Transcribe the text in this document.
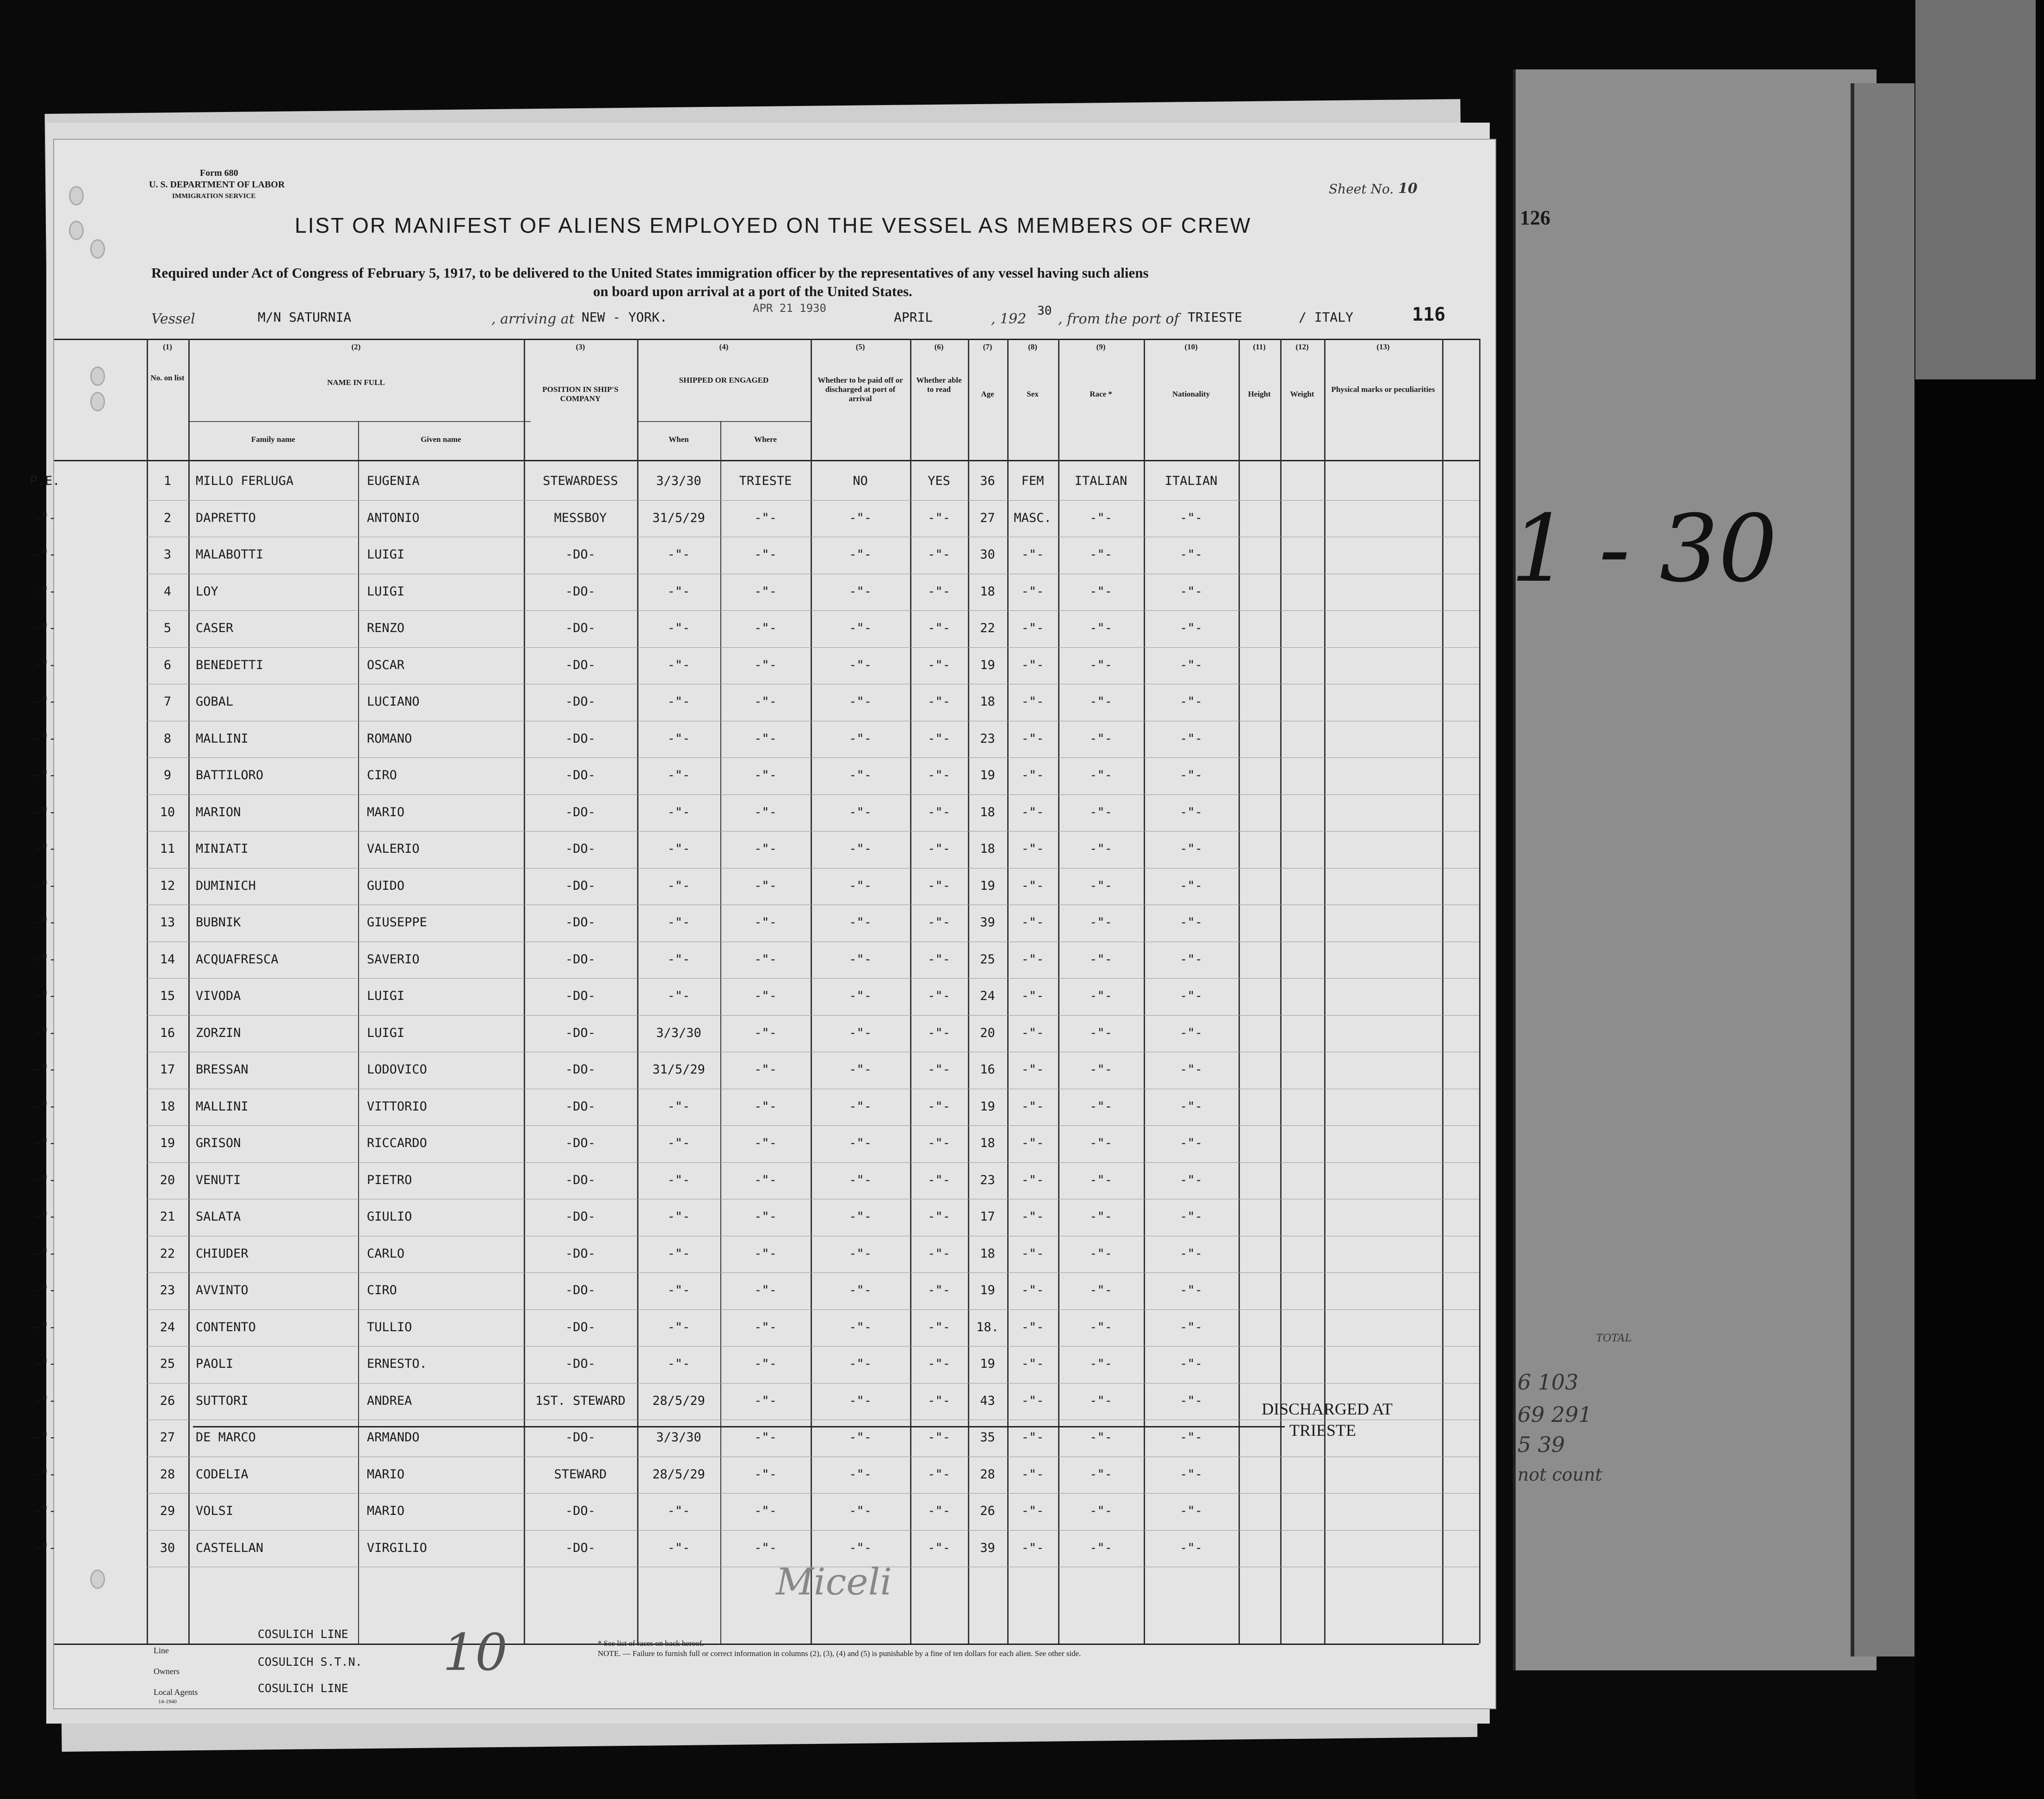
126
1 - 30
TOTAL
6 103
69 291
5 39
not count
Form 680
U. S. DEPARTMENT OF LABOR
IMMIGRATION SERVICE	Sheet No. 10
LIST OR MANIFEST OF ALIENS EMPLOYED ON THE VESSEL AS MEMBERS OF CREW
Required under Act of Congress of February 5, 1917, to be delivered to the United States immigration officer by the representatives of any vessel having such aliens
on board upon arrival at a port of the United States.
Vessel	M/N SATURNIA	, arriving at NEW - YORK.
APR 21 1930
APRIL	, 192 30 , from the port of TRIESTE	/ ITALY	116
(1)	(2)	(3)	(4)	(5)	(6)	(7)	(8)	(9)	(10)	(11)	(12)	(13)
No. on list
NAME IN FULL
Family name	Given name
POSITION IN SHIP'S COMPANY
SHIPPED OR ENGAGED
When	Where
Whether to be paid off or discharged at port of arrival
Whether able to read
Age	Sex	Race *	Nationality	Height	Weight
Physical marks or peculiarities
P.E.	1	MILLO FERLUGA	EUGENIA	STEWARDESS	3/3/30	TRIESTE	NO	YES	36	FEM	ITALIAN	ITALIAN
-"-	2	DAPRETTO	ANTONIO	MESSBOY	31/5/29	-"-	-"-	-"-	27	MASC.	-"-	-"-
-"-	3	MALABOTTI	LUIGI	-DO-	-"-	-"-	-"-	-"-	30	-"-	-"-	-"-
-"-	4	LOY	LUIGI	-DO-	-"-	-"-	-"-	-"-	18	-"-	-"-	-"-
-"-	5	CASER	RENZO	-DO-	-"-	-"-	-"-	-"-	22	-"-	-"-	-"-
-"-	6	BENEDETTI	OSCAR	-DO-	-"-	-"-	-"-	-"-	19	-"-	-"-	-"-
-"-	7	GOBAL	LUCIANO	-DO-	-"-	-"-	-"-	-"-	18	-"-	-"-	-"-
-"-	8	MALLINI	ROMANO	-DO-	-"-	-"-	-"-	-"-	23	-"-	-"-	-"-
-"-	9	BATTILORO	CIRO	-DO-	-"-	-"-	-"-	-"-	19	-"-	-"-	-"-
-"-	10	MARION	MARIO	-DO-	-"-	-"-	-"-	-"-	18	-"-	-"-	-"-
-"-	11	MINIATI	VALERIO	-DO-	-"-	-"-	-"-	-"-	18	-"-	-"-	-"-
-"-	12	DUMINICH	GUIDO	-DO-	-"-	-"-	-"-	-"-	19	-"-	-"-	-"-
-"-	13	BUBNIK	GIUSEPPE	-DO-	-"-	-"-	-"-	-"-	39	-"-	-"-	-"-
-"-	14	ACQUAFRESCA	SAVERIO	-DO-	-"-	-"-	-"-	-"-	25	-"-	-"-	-"-
-"-	15	VIVODA	LUIGI	-DO-	-"-	-"-	-"-	-"-	24	-"-	-"-	-"-
-"-	16	ZORZIN	LUIGI	-DO-	3/3/30	-"-	-"-	-"-	20	-"-	-"-	-"-
-"-	17	BRESSAN	LODOVICO	-DO-	31/5/29	-"-	-"-	-"-	16	-"-	-"-	-"-
-"-	18	MALLINI	VITTORIO	-DO-	-"-	-"-	-"-	-"-	19	-"-	-"-	-"-
-"-	19	GRISON	RICCARDO	-DO-	-"-	-"-	-"-	-"-	18	-"-	-"-	-"-
-"-	20	VENUTI	PIETRO	-DO-	-"-	-"-	-"-	-"-	23	-"-	-"-	-"-
-"-	21	SALATA	GIULIO	-DO-	-"-	-"-	-"-	-"-	17	-"-	-"-	-"-
-"-	22	CHIUDER	CARLO	-DO-	-"-	-"-	-"-	-"-	18	-"-	-"-	-"-
-"-	23	AVVINTO	CIRO	-DO-	-"-	-"-	-"-	-"-	19	-"-	-"-	-"-
-"-	24	CONTENTO	TULLIO	-DO-	-"-	-"-	-"-	-"-	18.	-"-	-"-	-"-
-"-	25	PAOLI	ERNESTO.	-DO-	-"-	-"-	-"-	-"-	19	-"-	-"-	-"-
-"-	26	SUTTORI	ANDREA	1ST. STEWARD	28/5/29	-"-	-"-	-"-	43	-"-	-"-	-"-
-"-	27	DE MARCO	ARMANDO	-DO-	3/3/30	-"-	-"-	-"-	35	-"-	-"-	-"-
-"-	28	CODELIA	MARIO	STEWARD	28/5/29	-"-	-"-	-"-	28	-"-	-"-	-"-
-"-	29	VOLSI	MARIO	-DO-	-"-	-"-	-"-	-"-	26	-"-	-"-	-"-
-"-	30	CASTELLAN	VIRGILIO	-DO-	-"-	-"-	-"-	-"-	39	-"-	-"-	-"-
DISCHARGED AT
TRIESTE
Line
COSULICH LINE
Owners
COSULICH S.T.N.
Local Agents	COSULICH LINE
14-1940
10
Miceli
* See list of races on back hereof.
NOTE. — Failure to furnish full or correct information in columns (2), (3), (4) and (5) is punishable by a fine of ten dollars for each alien. See other side.
